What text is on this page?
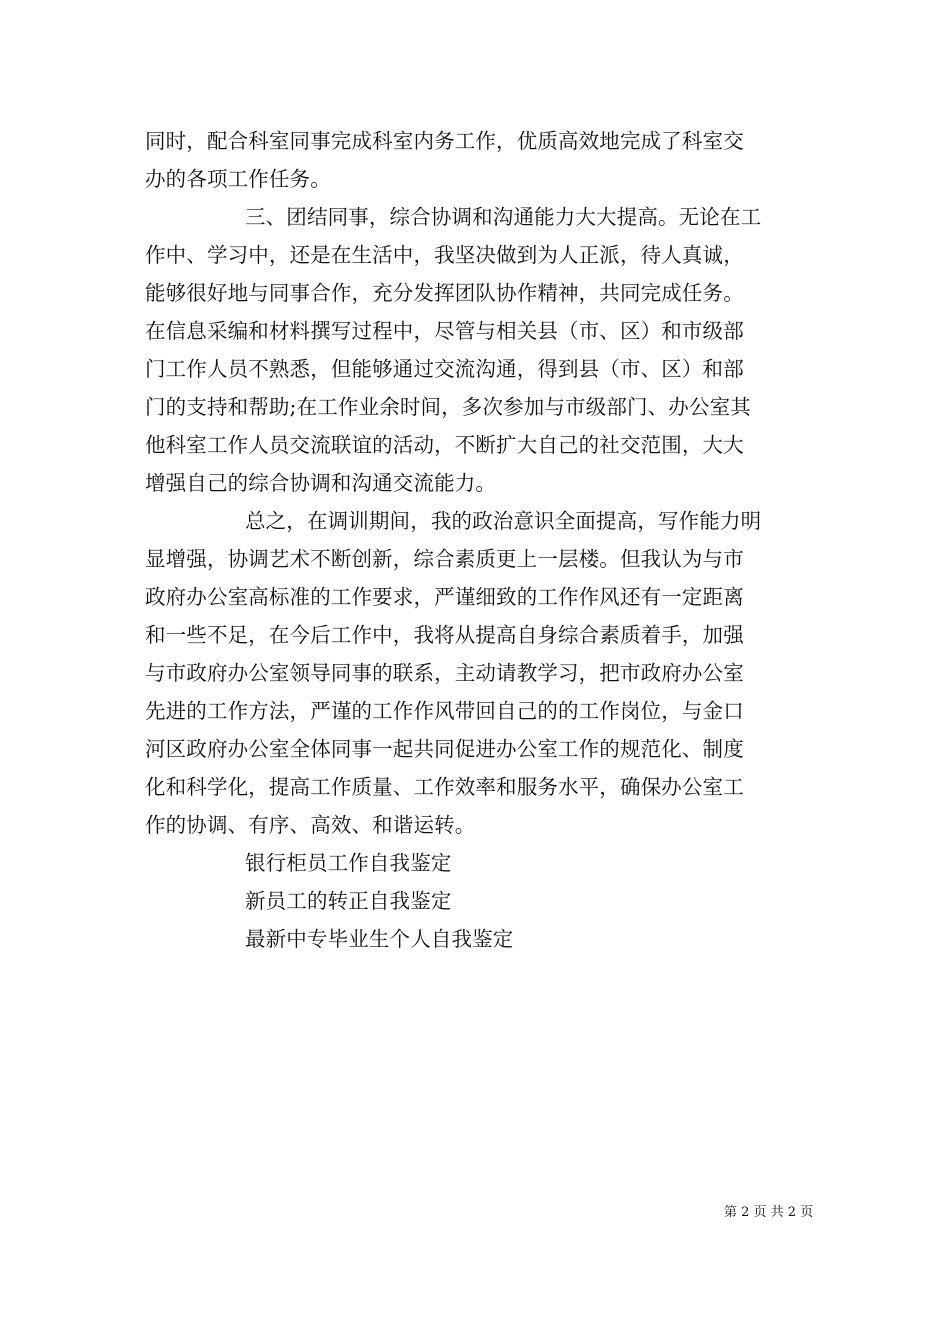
同时，配合科室同事完成科室内务工作，优质高效地完成了科室交
办的各项工作任务。
三、团结同事，综合协调和沟通能力大大提高。无论在工
作中、学习中，还是在生活中，我坚决做到为人正派，待人真诚，
能够很好地与同事合作，充分发挥团队协作精神，共同完成任务。
在信息采编和材料撰写过程中，尽管与相关县（市、区）和市级部
门工作人员不熟悉，但能够通过交流沟通，得到县（市、区）和部
门的支持和帮助;在工作业余时间，多次参加与市级部门、办公室其
他科室工作人员交流联谊的活动，不断扩大自己的社交范围，大大
增强自己的综合协调和沟通交流能力。
总之，在调训期间，我的政治意识全面提高，写作能力明
显增强，协调艺术不断创新，综合素质更上一层楼。但我认为与市
政府办公室高标准的工作要求，严谨细致的工作作风还有一定距离
和一些不足，在今后工作中，我将从提高自身综合素质着手，加强
与市政府办公室领导同事的联系，主动请教学习，把市政府办公室
先进的工作方法，严谨的工作作风带回自己的的工作岗位，与金口
河区政府办公室全体同事一起共同促进办公室工作的规范化、制度
化和科学化，提高工作质量、工作效率和服务水平，确保办公室工
作的协调、有序、高效、和谐运转。
银行柜员工作自我鉴定
新员工的转正自我鉴定
最新中专毕业生个人自我鉴定
第 2 页 共 2 页
